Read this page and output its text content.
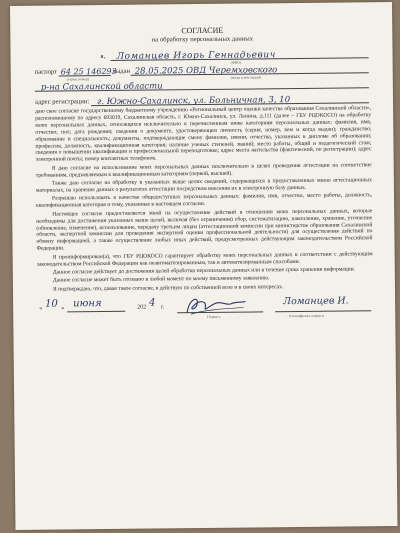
СОГЛАСИЕ
на обработку персональных данных
я, Ломанцев Игорь Геннадьевич
(ФИО)
паспорт 64 25 146293
выдан 28.05.2025 ОВД Черемховского
(серия, номер)	(когда и кем выдан)
р-на Сахалинской области
адрес регистрации: г. Южно-Сахалинск, ул. Больничная, 3, 10

даю свое согласие государственному бюджетному учреждению «Региональный центр оценки качества образования Сахалинской области», расположенному по адресу 693019, Сахалинская область, г. Южно-Сахалинск, ул. Ленина, д.111 (далее – ГБУ РЦОКОСО) на обработку моих персональных данных, относящихся исключительно к перечисленным ниже категориям персональных данных: фамилия, имя, отчество; пол; дата рождения; сведения о документе, удостоверяющем личность (серия, номер, кем и когда выдан); гражданство; образование и специальность; документы, подтверждающие смену фамилии, имени, отчества, указанных в дипломе об образовании; профессия, должность, квалификационная категория; наличие ученых степеней, званий; место работы, общий и педагогический стаж; сведения о повышении квалификации и профессиональной переподготовке; адрес места жительства (фактический, по регистрации); адрес электронной почты; номер контактных телефонов.

Я даю согласие на использование моих персональных данных исключительно в целях проведения аттестации на соответствие требованиям, предъявляемым к квалификационным категориям (первой, высшей).

Также даю согласие на обработку в указанных выше целях сведений, содержащихся в предоставленных мною аттестационных материалах, на хранение данных о результатах аттестации посредством внесения их в электронную базу данных.

Разрешаю использовать в качестве общедоступных персональных данных: фамилия, имя, отчество, место работы, должность, квалификационная категория и тему, указанные в настоящем согласии.

Настоящее согласие предоставляется мной на осуществление действий в отношении моих персональных данных, которые необходимы для достижения указанных выше целей, включая (без ограничения) сбор, систематизацию, накопление, хранение, уточнение (обновление, изменение), использование, передачу третьим лицам (аттестационной комиссии при министерстве образования Сахалинской области, экспертной комиссии для проведения экспертной оценки профессиональной деятельности) для осуществления действий по обмену информацией, а также осуществление любых иных действий, предусмотренных действующим законодательством Российской Федерации.

Я проинформирован(а), что ГБУ РЦОКОСО гарантирует обработку моих персональных данных в соответствии с действующим законодательством Российской Федерации как неавтоматизированным, так и автоматизированным способами.

Данное согласие действует до достижения целей обработки персональных данных или в течение срока хранения информации.

Данное согласие может быть отозвано в любой момент по моему письменному заявлению.

Я подтверждаю, что, давая такое согласие, я действую по собственной воле и в своих интересах.

« 10 » июня	202 4 г.
Подпись
Ломанцев И.
Расшифровка подписи
